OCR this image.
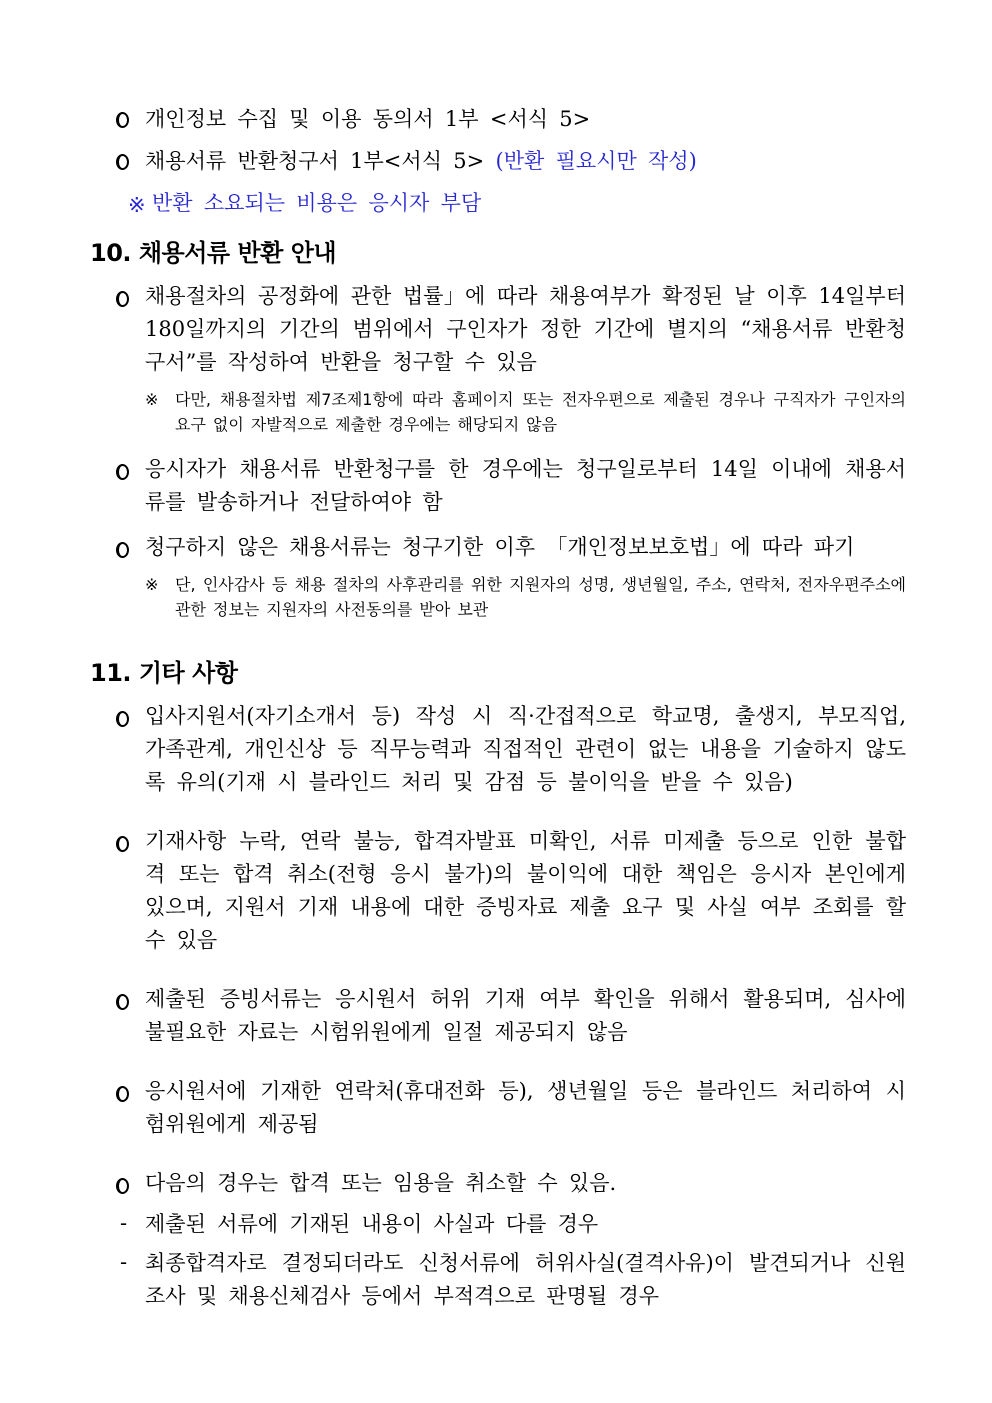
개인정보 수집 및 이용 동의서 1부 <서식 5>
채용서류 반환청구서 1부<서식 5> (반환 필요시만 작성)
※ 반환 소요되는 비용은 응시자 부담
10. 채용서류 반환 안내
채용절차의 공정화에 관한 법률」에 따라 채용여부가 확정된 날 이후 14일부터 180일까지의 기간의 범위에서 구인자가 정한 기간에 별지의 “채용서류 반환청구서”를 작성하여 반환을 청구할 수 있음
※ 다만, 채용절차법 제7조제1항에 따라 홈페이지 또는 전자우편으로 제출된 경우나 구직자가 구인자의 요구 없이 자발적으로 제출한 경우에는 해당되지 않음
응시자가 채용서류 반환청구를 한 경우에는 청구일로부터 14일 이내에 채용서류를 발송하거나 전달하여야 함
청구하지 않은 채용서류는 청구기한 이후 「개인정보보호법」에 따라 파기
※ 단, 인사감사 등 채용 절차의 사후관리를 위한 지원자의 성명, 생년월일, 주소, 연락처, 전자우편주소에 관한 정보는 지원자의 사전동의를 받아 보관
11. 기타 사항
입사지원서(자기소개서 등) 작성 시 직·간접적으로 학교명, 출생지, 부모직업, 가족관계, 개인신상 등 직무능력과 직접적인 관련이 없는 내용을 기술하지 않도록 유의(기재 시 블라인드 처리 및 감점 등 불이익을 받을 수 있음)
기재사항 누락, 연락 불능, 합격자발표 미확인, 서류 미제출 등으로 인한 불합격 또는 합격 취소(전형 응시 불가)의 불이익에 대한 책임은 응시자 본인에게 있으며, 지원서 기재 내용에 대한 증빙자료 제출 요구 및 사실 여부 조회를 할 수 있음
제출된 증빙서류는 응시원서 허위 기재 여부 확인을 위해서 활용되며, 심사에 불필요한 자료는 시험위원에게 일절 제공되지 않음
응시원서에 기재한 연락처(휴대전화 등), 생년월일 등은 블라인드 처리하여 시험위원에게 제공됨
다음의 경우는 합격 또는 임용을 취소할 수 있음.
- 제출된 서류에 기재된 내용이 사실과 다를 경우
- 최종합격자로 결정되더라도 신청서류에 허위사실(결격사유)이 발견되거나 신원조사 및 채용신체검사 등에서 부적격으로 판명될 경우
